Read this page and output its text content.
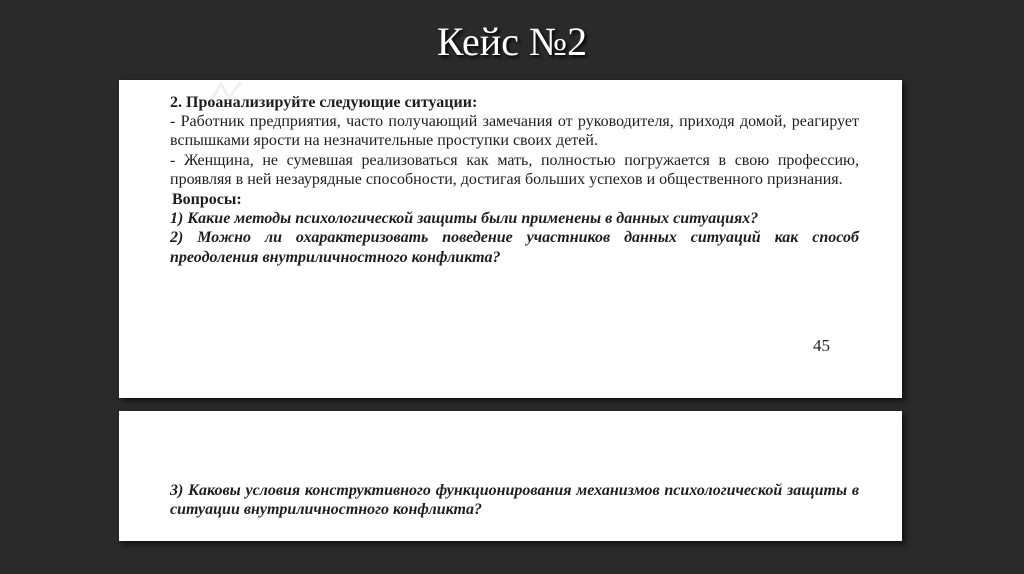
Кейс №2

2. Проанализируйте следующие ситуации:

- Работник предприятия, часто получающий замечания от руководителя, приходя домой, реагирует вспышками ярости на незначительные проступки своих детей.

- Женщина, не сумевшая реализоваться как мать, полностью погружается в свою профессию, проявляя в ней незаурядные способности, достигая больших успехов и общественного признания.

Вопросы:

1) Какие методы психологической защиты были применены в данных ситуациях?

2) Можно ли охарактеризовать поведение участников данных ситуаций как способ преодоления внутриличностного конфликта?

45

3) Каковы условия конструктивного функционирования механизмов психологической защиты в ситуации внутриличностного конфликта?
